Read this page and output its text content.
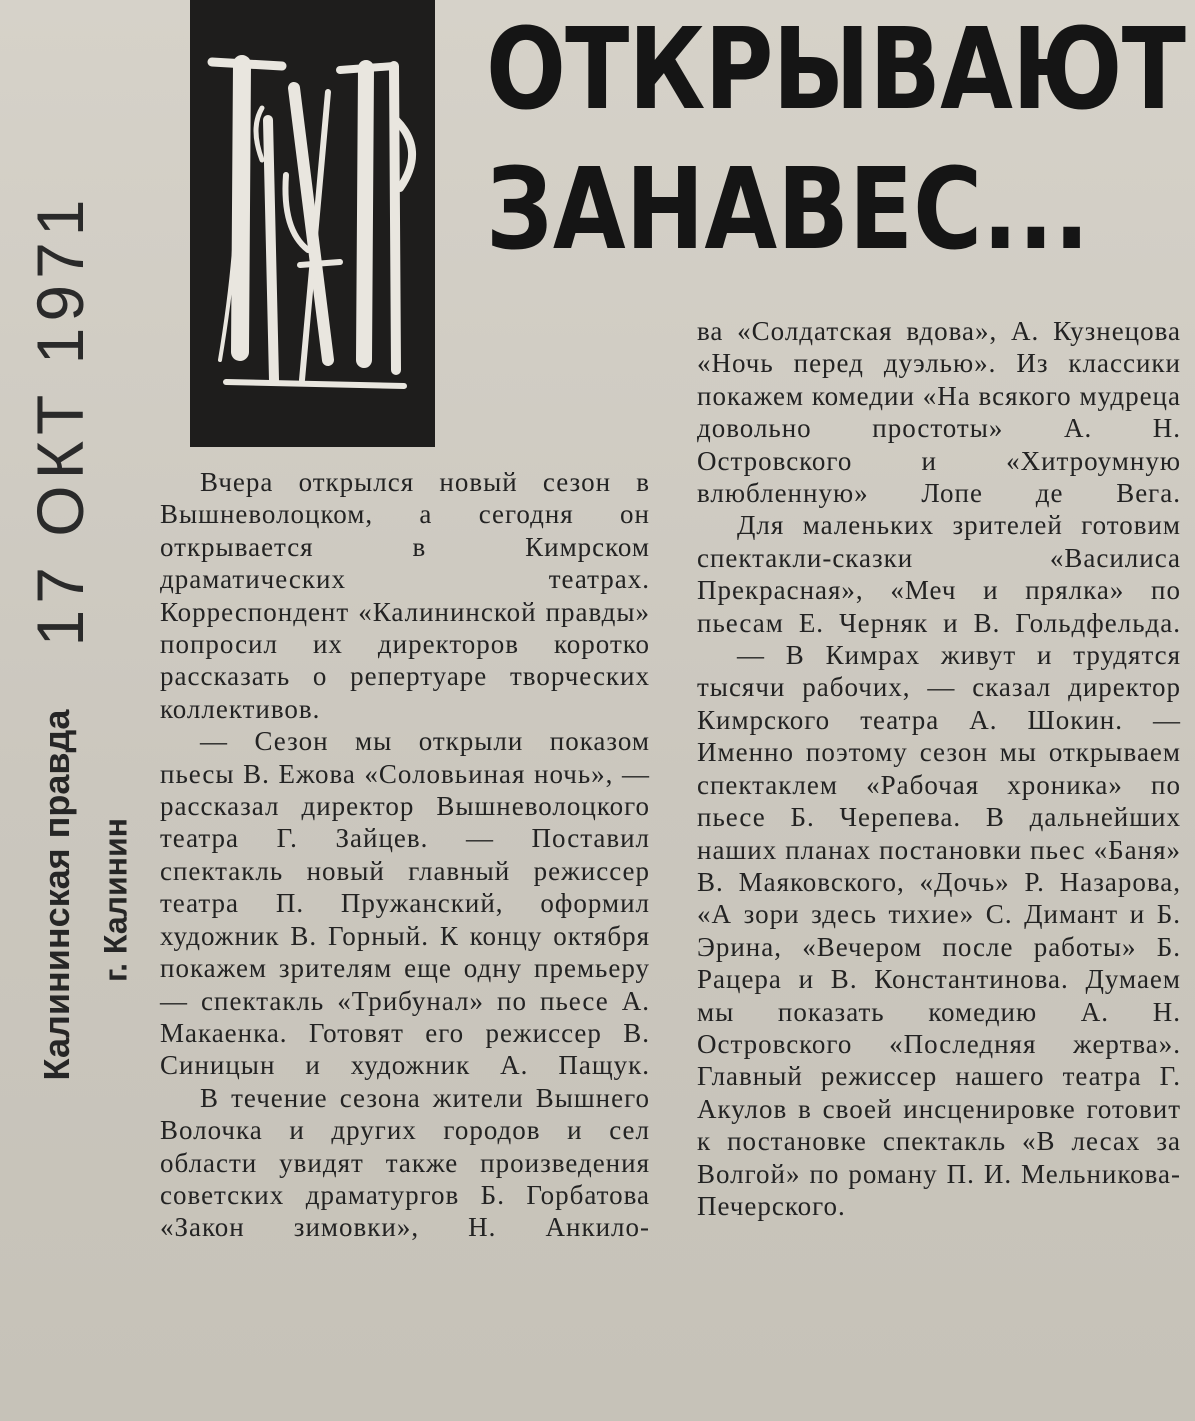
17 ОКТ 1971
Калининская правда г. Калинин
ОТКРЫВАЮТ
ЗАНАВЕС...

Вчера открылся новый сезон в Вышневолоцком, а сегодня он открывается в Кимрском драматических театрах. Корреспондент «Калининской правды» попросил их директоров коротко рассказать о репертуаре творческих коллективов.

— Сезон мы открыли показом пьесы В. Ежова «Соловьиная ночь», — рассказал директор Вышневолоцкого театра Г. Зайцев. — Поставил спектакль новый главный режиссер театра П. Пружанский, оформил художник В. Горный. К концу октября покажем зрителям еще одну премьеру — спектакль «Трибунал» по пьесе А. Макаенка. Готовят его режиссер В. Синицын и художник А. Пащук.

В течение сезона жители Вышнего Волочка и других городов и сел области увидят также произведения советских драматургов Б. Горбатова «Закон зимовки», Н. Анкило-

ва «Солдатская вдова», А. Кузнецова «Ночь перед дуэлью». Из классики покажем комедии «На всякого мудреца довольно простоты» А. Н. Островского и «Хитроумную влюбленную» Лопе де Вега.

Для маленьких зрителей готовим спектакли-сказки «Василиса Прекрасная», «Меч и прялка» по пьесам Е. Черняк и В. Гольдфельда.

— В Кимрах живут и трудятся тысячи рабочих, — сказал директор Кимрского театра А. Шокин. — Именно поэтому сезон мы открываем спектаклем «Рабочая хроника» по пьесе Б. Черепева. В дальнейших наших планах постановки пьес «Баня» В. Маяковского, «Дочь» Р. Назарова, «А зори здесь тихие» С. Димант и Б. Эрина, «Вечером после работы» Б. Рацера и В. Константинова. Думаем мы показать комедию А. Н. Островского «Последняя жертва». Главный режиссер нашего театра Г. Акулов в своей инсценировке готовит к постановке спектакль «В лесах за Волгой» по роману П. И. Мельникова-Печерского.
